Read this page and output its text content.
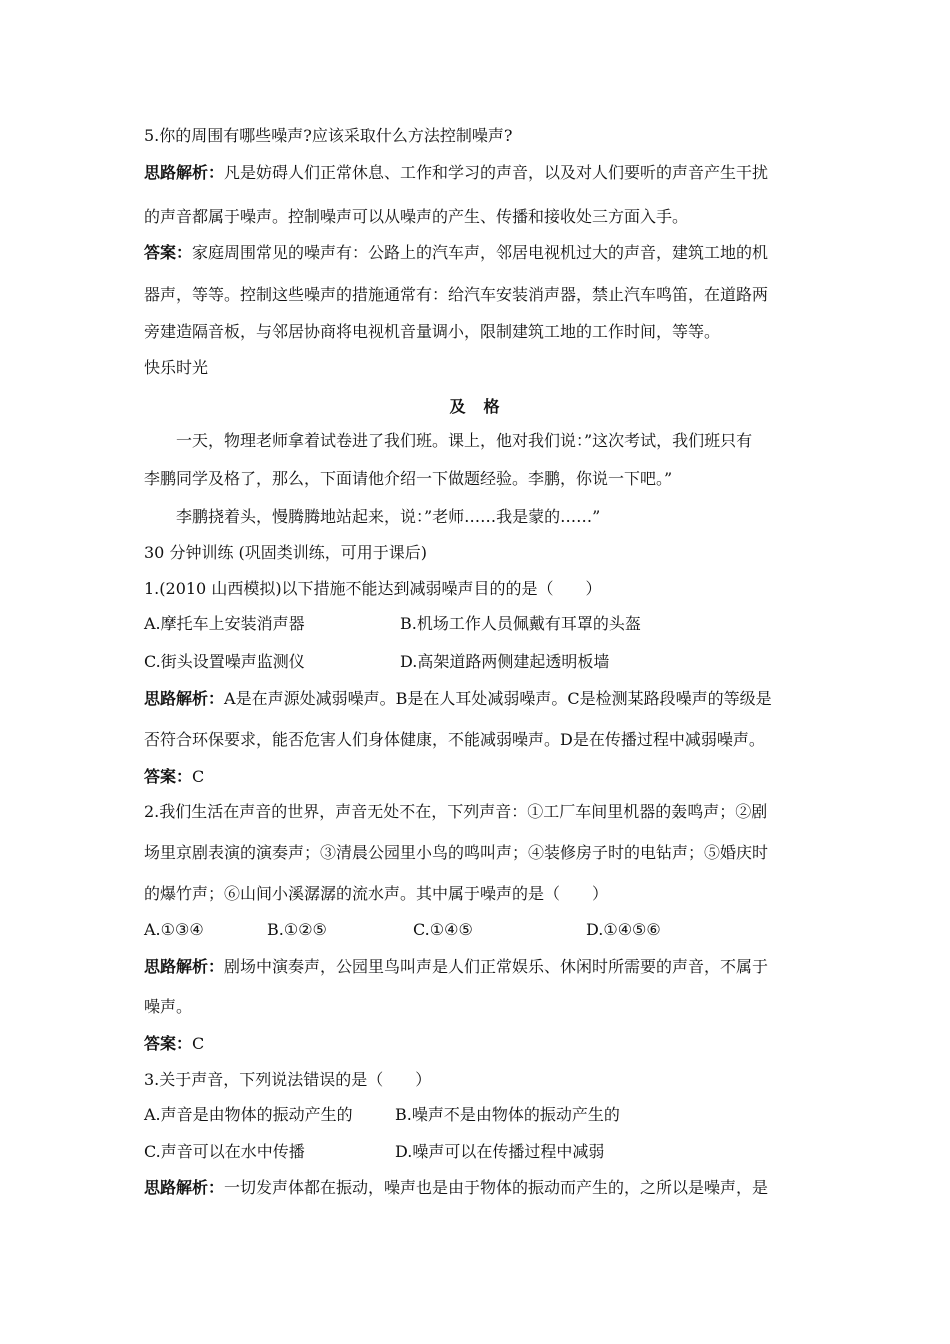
5.你的周围有哪些噪声?应该采取什么方法控制噪声?
思路解析：凡是妨碍人们正常休息、工作和学习的声音，以及对人们要听的声音产生干扰
的声音都属于噪声。控制噪声可以从噪声的产生、传播和接收处三方面入手。
答案：家庭周围常见的噪声有：公路上的汽车声，邻居电视机过大的声音，建筑工地的机
器声，等等。控制这些噪声的措施通常有：给汽车安装消声器，禁止汽车鸣笛，在道路两
旁建造隔音板，与邻居协商将电视机音量调小，限制建筑工地的工作时间，等等。
快乐时光
及　格
一天，物理老师拿着试卷进了我们班。课上，他对我们说：”这次考试，我们班只有
李鹏同学及格了，那么，下面请他介绍一下做题经验。李鹏，你说一下吧。”
李鹏挠着头，慢腾腾地站起来，说：”老师……我是蒙的……”
30 分钟训练 (巩固类训练，可用于课后)
1.(2010 山西模拟)以下措施不能达到减弱噪声目的的是（　　）
A.摩托车上安装消声器	B.机场工作人员佩戴有耳罩的头盔
C.街头设置噪声监测仪	D.高架道路两侧建起透明板墙
思路解析：A是在声源处减弱噪声。B是在人耳处减弱噪声。C是检测某路段噪声的等级是
否符合环保要求，能否危害人们身体健康，不能减弱噪声。D是在传播过程中减弱噪声。
答案：C
2.我们生活在声音的世界，声音无处不在，下列声音：①工厂车间里机器的轰鸣声；②剧
场里京剧表演的演奏声；③清晨公园里小鸟的鸣叫声；④装修房子时的电钻声；⑤婚庆时
的爆竹声；⑥山间小溪潺潺的流水声。其中属于噪声的是（　　）
A.①③④	B.①②⑤	C.①④⑤	D.①④⑤⑥
思路解析：剧场中演奏声，公园里鸟叫声是人们正常娱乐、休闲时所需要的声音，不属于
噪声。
答案：C
3.关于声音，下列说法错误的是（　　）
A.声音是由物体的振动产生的	B.噪声不是由物体的振动产生的
C.声音可以在水中传播	D.噪声可以在传播过程中减弱
思路解析：一切发声体都在振动，噪声也是由于物体的振动而产生的，之所以是噪声，是
